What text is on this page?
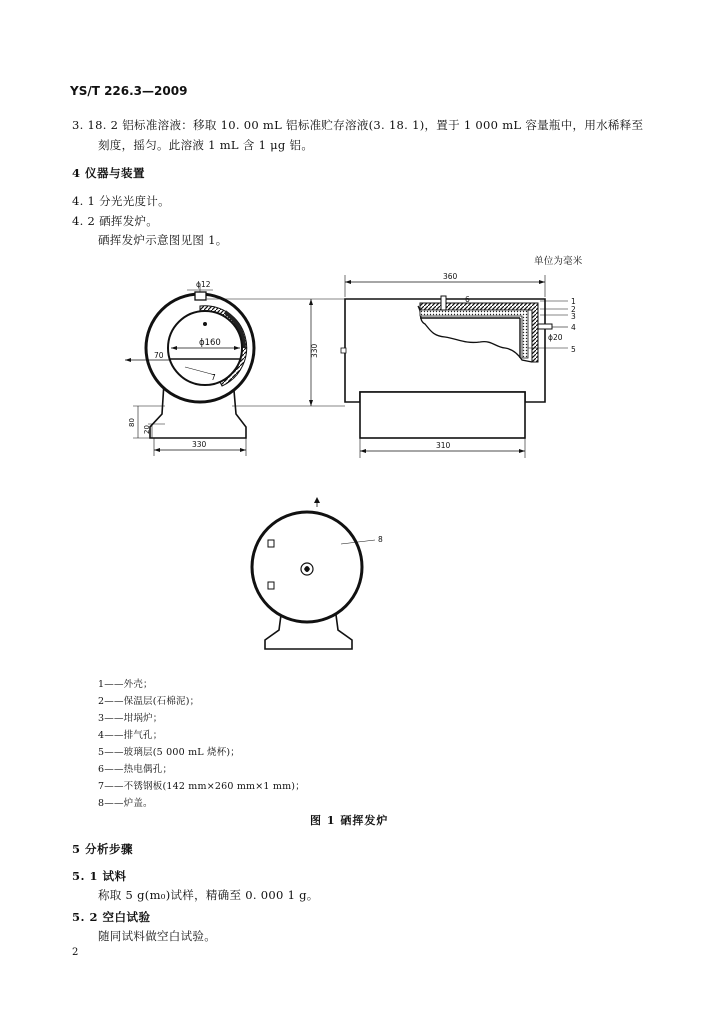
YS/T 226.3—2009
3. 18. 2 铝标准溶液：移取 10. 00 mL 铝标准贮存溶液(3. 18. 1)，置于 1 000 mL 容量瓶中，用水稀释至
刻度，摇匀。此溶液 1 mL 含 1 μg 铝。
4 仪器与装置
4. 1 分光光度计。
4. 2 硒挥发炉。
硒挥发炉示意图见图 1。
单位为毫米
ϕ12
ϕ160
70
7
330
330
80
20
360
310
ϕ20
6	1
2
3
4
5
8
1——外壳；
2——保温层(石棉泥)；
3——坩埚炉；
4——排气孔；
5——玻璃层(5 000 mL 烧杯)；
6——热电偶孔；
7——不锈钢板(142 mm×260 mm×1 mm)；
8——炉盖。
图 1 硒挥发炉
5 分析步骤
5. 1 试料
称取 5 g(m₀)试样，精确至 0. 000 1 g。
5. 2 空白试验
随同试料做空白试验。
2
